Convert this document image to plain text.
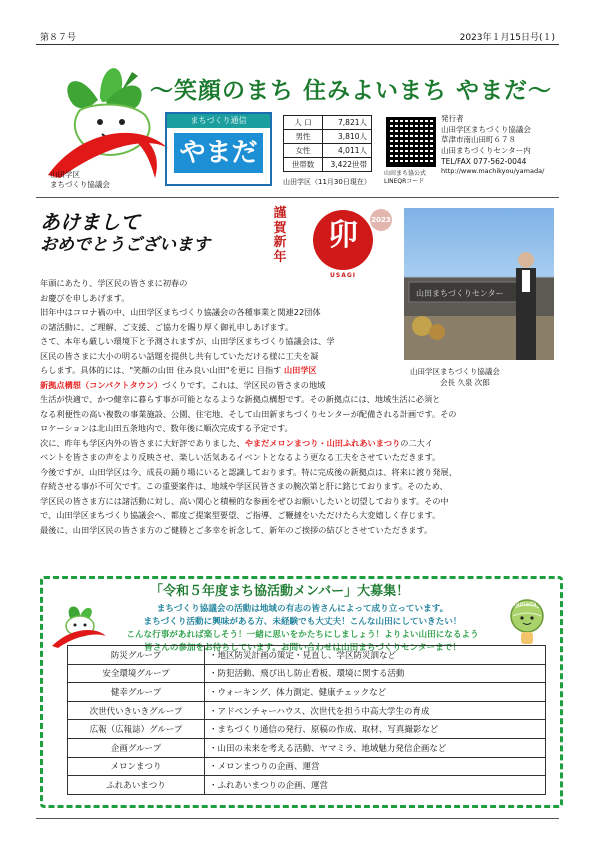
第８７号	2023年１月15日号(１)
山田学区
まちづくり協議会
～笑顔のまち 住みよいまち やまだ～
まちづくり通信
やまだ
人 口	7,821人
男性	3,810人
女性	4,011人
世帯数	3,422世帯
山田学区（11月30日現在）
山田まち協公式
LINEQRコード
発行者
山田学区まちづくり協議会
草津市南山田町６７８
山田まちづくりセンター内
TEL/FAX 077-562-0044
http://www.machikyou/yamada/
あけまして
おめでとうございます
謹
賀
新
年
卯
USAGI
2023
山田まちづくりセンター
山田学区まちづくり協議会
会長 久泉 次郎
年頭にあたり、学区民の皆さまに初春の
お慶びを申しあげます。
旧年中はコロナ禍の中、山田学区まちづくり協議会の各種事業と関連22団体
の諸活動に、ご理解、ご支援、ご協力を賜り厚く御礼申しあげます。
さて、本年も厳しい環境下と予測されますが、山田学区まちづくり協議会は、学
区民の皆さまに大小の明るい話題を提供し共有していただける様に工夫を凝
らします。具体的には、"笑顔の山田 住み良い山田"を更に 目指す 山田学区
新拠点構想（コンパクトタウン）づくりです。これは、学区民の皆さまの地域
生活が快適で、かつ健幸に暮らす事が可能となるような新拠点構想です。その新拠点には、地域生活に必須と
なる利便性の高い複数の事業施設、公園、住宅地、そして山田新まちづくりセンターが配備される計画です。その
ロケーションは北山田五条地内で、数年後に順次完成する予定です。
次に、昨年も学区内外の皆さまに大好評でありました、やまだメロンまつり・山田ふれあいまつりの二大イ
ベントを皆さまの声をより反映させ、楽しい活気あるイベントとなるよう更なる工夫をさせていただきます。
今後ですが、山田学区は今、成長の踊り場にいると認識しております。特に完成後の新拠点は、将来に渡り発展、
存続させる事が不可欠です。この重要案件は、地域や学区民皆さまの腕次第と肝に銘じております。そのため、
学区民の皆さま方には諸活動に対し、高い関心と積極的な参画をぜひお願いしたいと切望しております。その中
で、山田学区まちづくり協議会へ、都度ご提案型要望、ご指導、ご鞭撻をいただけたら大変嬉しく存じます。
最後に、山田学区民の皆さま方のご健勝とご多幸を祈念して、新年のご挨拶の結びとさせていただきます。
「令和５年度まち協活動メンバー」大募集！
まちづくり協議会の活動は地域の有志の皆さんによって成り立っています。
まちづくり活動に興味がある方、未経験でも大丈夫！こんな山田にしていきたい！
こんな行事があれば楽しそう！一緒に思いをかたちにしましょう！よりよい山田になるよう
皆さんの参加をお待ちしています。お問い合わせは山田まちづくりセンターまで！
Yamada
防災グループ	・地区防災計画の策定・見直し、学区防災訓など
安全環境グループ	・防犯活動、飛び出し防止看板、環境に関する活動
健幸グループ	・ウォーキング、体力測定、健康チェックなど
次世代いきいきグループ	・アドベンチャーハウス、次世代を担う中高大学生の育成
広報（広報誌）グループ	・まちづくり通信の発行、原稿の作成、取材、写真撮影など
企画グループ	・山田の未来を考える活動、ヤマミラ、地域魅力発信企画など
メロンまつり	・メロンまつりの企画、運営
ふれあいまつり	・ふれあいまつりの企画、運営
